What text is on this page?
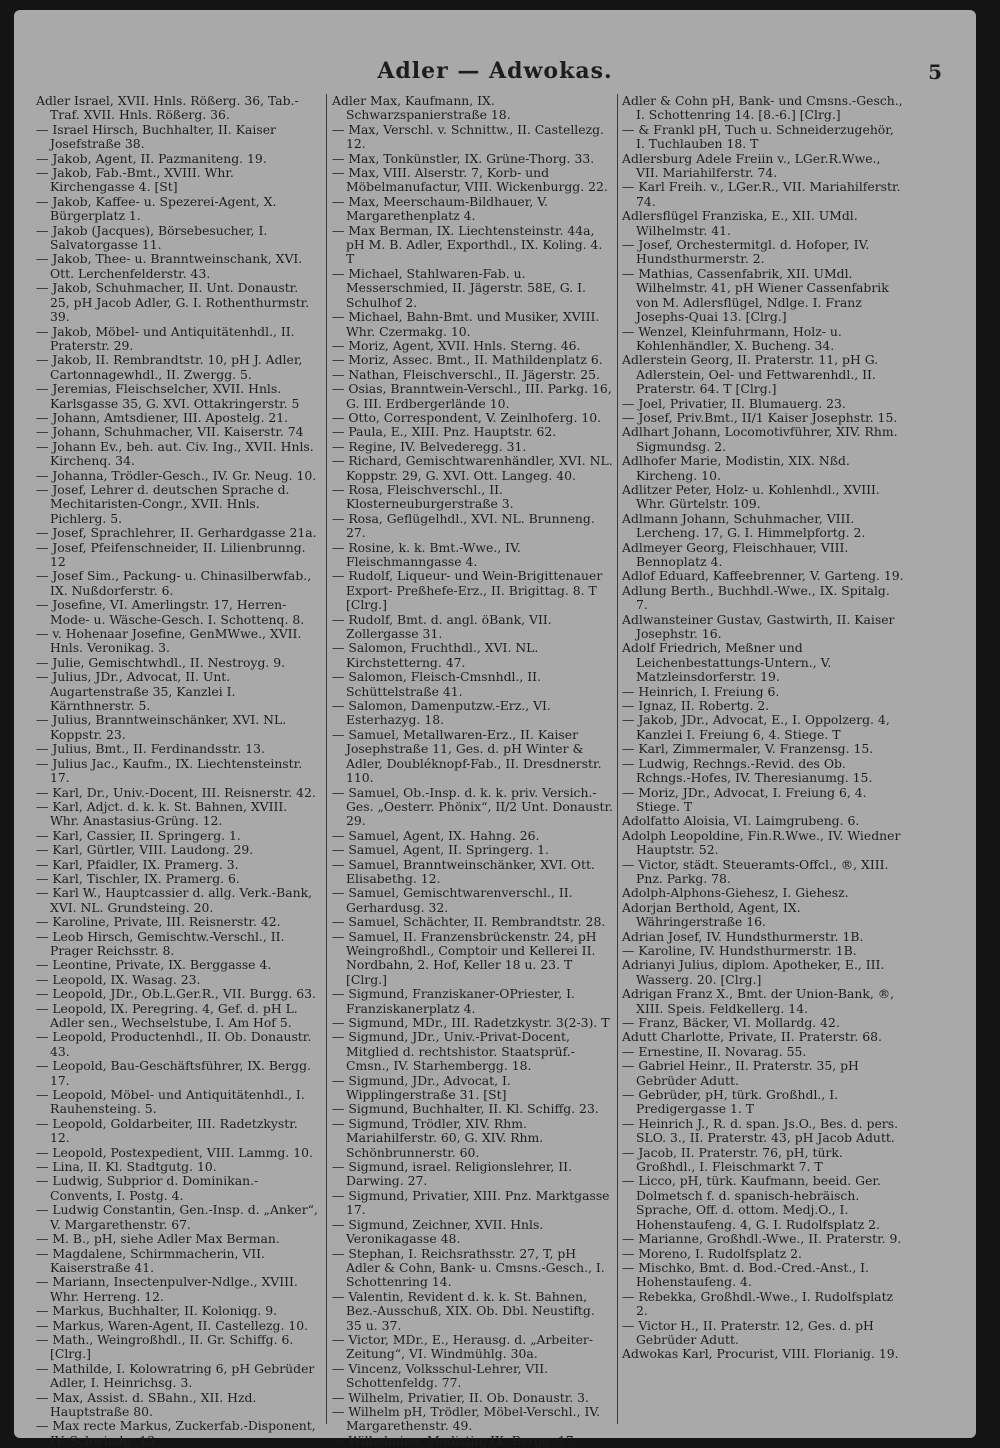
Adler — Adwokas.	5

Adler Israel, XVII. Hnls. Rößerg. 36, Tab.-Traf. XVII. Hnls. Rößerg. 36.

— Israel Hirsch, Buchhalter, II. Kaiser Josefstraße 38.

— Jakob, Agent, II. Pazmaniteng. 19.

— Jakob, Fab.-Bmt., XVIII. Whr. Kirchengasse 4. [St]

— Jakob, Kaffee- u. Spezerei-Agent, X. Bürgerplatz 1.

— Jakob (Jacques), Börsebesucher, I. Salvatorgasse 11.

— Jakob, Thee- u. Branntweinschank, XVI. Ott. Lerchenfelderstr. 43.

— Jakob, Schuhmacher, II. Unt. Donaustr. 25, pH Jacob Adler, G. I. Rothenthurmstr. 39.

— Jakob, Möbel- und Antiquitätenhdl., II. Praterstr. 29.

— Jakob, II. Rembrandtstr. 10, pH J. Adler, Cartonnagewhdl., II. Zwergg. 5.

— Jeremias, Fleischselcher, XVII. Hnls. Karlsgasse 35, G. XVI. Ottakringerstr. 5

— Johann, Amtsdiener, III. Apostelg. 21.

— Johann, Schuhmacher, VII. Kaiserstr. 74

— Johann Ev., beh. aut. Civ. Ing., XVII. Hnls. Kirchenq. 34.

— Johanna, Trödler-Gesch., IV. Gr. Neug. 10.

— Josef, Lehrer d. deutschen Sprache d. Mechitaristen-Congr., XVII. Hnls. Pichlerg. 5.

— Josef, Sprachlehrer, II. Gerhardgasse 21a.

— Josef, Pfeifenschneider, II. Lilienbrunng. 12

— Josef Sim., Packung- u. Chinasilberwfab., IX. Nußdorferstr. 6.

— Josefine, VI. Amerlingstr. 17, Herren-Mode- u. Wäsche-Gesch. I. Schottenq. 8.

— v. Hohenaar Josefine, GenMWwe., XVII. Hnls. Veronikag. 3.

— Julie, Gemischtwhdl., II. Nestroyg. 9.

— Julius, JDr., Advocat, II. Unt. Augartenstraße 35, Kanzlei I. Kärnthnerstr. 5.

— Julius, Branntweinschänker, XVI. NL. Koppstr. 23.

— Julius, Bmt., II. Ferdinandsstr. 13.

— Julius Jac., Kaufm., IX. Liechtensteinstr. 17.

— Karl, Dr., Univ.-Docent, III. Reisnerstr. 42.

— Karl, Adjct. d. k. k. St. Bahnen, XVIII. Whr. Anastasius-Grüng. 12.

— Karl, Cassier, II. Springerg. 1.

— Karl, Gürtler, VIII. Laudong. 29.

— Karl, Pfaidler, IX. Pramerg. 3.

— Karl, Tischler, IX. Pramerg. 6.

— Karl W., Hauptcassier d. allg. Verk.-Bank, XVI. NL. Grundsteing. 20.

— Karoline, Private, III. Reisnerstr. 42.

— Leob Hirsch, Gemischtw.-Verschl., II. Prager Reichsstr. 8.

— Leontine, Private, IX. Berggasse 4.

— Leopold, IX. Wasag. 23.

— Leopold, JDr., Ob.L.Ger.R., VII. Burgg. 63.

— Leopold, IX. Peregring. 4, Gef. d. pH L. Adler sen., Wechselstube, I. Am Hof 5.

— Leopold, Productenhdl., II. Ob. Donaustr. 43.

— Leopold, Bau-Geschäftsführer, IX. Bergg. 17.

— Leopold, Möbel- und Antiquitätenhdl., I. Rauhensteing. 5.

— Leopold, Goldarbeiter, III. Radetzkystr. 12.

— Leopold, Postexpedient, VIII. Lammg. 10.

— Lina, II. Kl. Stadtgutg. 10.

— Ludwig, Subprior d. Dominikan.-Convents, I. Postg. 4.

— Ludwig Constantin, Gen.-Insp. d. „Anker“, V. Margarethenstr. 67.

— M. B., pH, siehe Adler Max Berman.

— Magdalene, Schirmmacherin, VII. Kaiserstraße 41.

— Mariann, Insectenpulver-Ndlge., XVIII. Whr. Herreng. 12.

— Markus, Buchhalter, II. Koloniqg. 9.

— Markus, Waren-Agent, II. Castellezg. 10.

— Math., Weingroßhdl., II. Gr. Schiffg. 6. [Clrg.]

— Mathilde, I. Kolowratring 6, pH Gebrüder Adler, I. Heinrichsg. 3.

— Max, Assist. d. SBahn., XII. Hzd. Hauptstraße 80.

— Max recte Markus, Zuckerfab.-Disponent, IV. Schwindg. 13.

Adler Max, Kaufmann, IX. Schwarzspanierstraße 18.

— Max, Verschl. v. Schnittw., II. Castellezg. 12.

— Max, Tonkünstler, IX. Grüne-Thorg. 33.

— Max, VIII. Alserstr. 7, Korb- und Möbelmanufactur, VIII. Wickenburgg. 22.

— Max, Meerschaum-Bildhauer, V. Margarethenplatz 4.

— Max Berman, IX. Liechtensteinstr. 44a, pH M. B. Adler, Exporthdl., IX. Koling. 4. T

— Michael, Stahlwaren-Fab. u. Messerschmied, II. Jägerstr. 58E, G. I. Schulhof 2.

— Michael, Bahn-Bmt. und Musiker, XVIII. Whr. Czermakg. 10.

— Moriz, Agent, XVII. Hnls. Sterng. 46.

— Moriz, Assec. Bmt., II. Mathildenplatz 6.

— Nathan, Fleischverschl., II. Jägerstr. 25.

— Osias, Branntwein-Verschl., III. Parkg. 16, G. III. Erdbergerlände 10.

— Otto, Correspondent, V. Zeinlhoferg. 10.

— Paula, E., XIII. Pnz. Hauptstr. 62.

— Regine, IV. Belvederegg. 31.

— Richard, Gemischtwarenhändler, XVI. NL. Koppstr. 29, G. XVI. Ott. Langeg. 40.

— Rosa, Fleischverschl., II. Klosterneuburgerstraße 3.

— Rosa, Geflügelhdl., XVI. NL. Brunneng. 27.

— Rosine, k. k. Bmt.-Wwe., IV. Fleischmanngasse 4.

— Rudolf, Liqueur- und Wein-Brigittenauer Export- Preßhefe-Erz., II. Brigittag. 8. T [Clrg.]

— Rudolf, Bmt. d. angl. öBank, VII. Zollergasse 31.

— Salomon, Fruchthdl., XVI. NL. Kirchstetterng. 47.

— Salomon, Fleisch-Cmsnhdl., II. Schüttelstraße 41.

— Salomon, Damenputzw.-Erz., VI. Esterhazyg. 18.

— Samuel, Metallwaren-Erz., II. Kaiser Josephstraße 11, Ges. d. pH Winter & Adler, Doubléknopf-Fab., II. Dresdnerstr. 110.

— Samuel, Ob.-Insp. d. k. k. priv. Versich.-Ges. „Oesterr. Phönix“, II/2 Unt. Donaustr. 29.

— Samuel, Agent, IX. Hahng. 26.

— Samuel, Agent, II. Springerg. 1.

— Samuel, Branntweinschänker, XVI. Ott. Elisabethg. 12.

— Samuel, Gemischtwarenverschl., II. Gerhardusg. 32.

— Samuel, Schächter, II. Rembrandtstr. 28.

— Samuel, II. Franzensbrückenstr. 24, pH Weingroßhdl., Comptoir und Kellerei II. Nordbahn, 2. Hof, Keller 18 u. 23. T [Clrg.]

— Sigmund, Franziskaner-OPriester, I. Franziskanerplatz 4.

— Sigmund, MDr., III. Radetzkystr. 3(2-3). T

— Sigmund, JDr., Univ.-Privat-Docent, Mitglied d. rechtshistor. Staatsprüf.-Cmsn., IV. Starhembergg. 18.

— Sigmund, JDr., Advocat, I. Wipplingerstraße 31. [St]

— Sigmund, Buchhalter, II. Kl. Schiffg. 23.

— Sigmund, Trödler, XIV. Rhm. Mariahilferstr. 60, G. XIV. Rhm. Schönbrunnerstr. 60.

— Sigmund, israel. Religionslehrer, II. Darwing. 27.

— Sigmund, Privatier, XIII. Pnz. Marktgasse 17.

— Sigmund, Zeichner, XVII. Hnls. Veronikagasse 48.

— Stephan, I. Reichsrathsstr. 27, T, pH Adler & Cohn, Bank- u. Cmsns.-Gesch., I. Schottenring 14.

— Valentin, Revident d. k. k. St. Bahnen, Bez.-Ausschuß, XIX. Ob. Dbl. Neustiftg. 35 u. 37.

— Victor, MDr., E., Herausg. d. „Arbeiter-Zeitung“, VI. Windmühlg. 30a.

— Vincenz, Volksschul-Lehrer, VII. Schottenfeldg. 77.

— Wilhelm, Privatier, II. Ob. Donaustr. 3.

— Wilhelm pH, Trödler, Möbel-Verschl., IV. Margarethenstr. 49.

— Wilhelmine, Modistin, IX. Bergg. 17.

Adler & Cohn pH, Bank- und Cmsns.-Gesch., I. Schottenring 14. [8.-6.] [Clrg.]

— & Frankl pH, Tuch u. Schneiderzugehör, I. Tuchlauben 18. T

Adlersburg Adele Freiin v., LGer.R.Wwe., VII. Mariahilferstr. 74.

— Karl Freih. v., LGer.R., VII. Mariahilferstr. 74.

Adlersflügel Franziska, E., XII. UMdl. Wilhelmstr. 41.

— Josef, Orchestermitgl. d. Hofoper, IV. Hundsthurmerstr. 2.

— Mathias, Cassenfabrik, XII. UMdl. Wilhelmstr. 41, pH Wiener Cassenfabrik von M. Adlersflügel, Ndlge. I. Franz Josephs-Quai 13. [Clrg.]

— Wenzel, Kleinfuhrmann, Holz- u. Kohlenhändler, X. Bucheng. 34.

Adlerstein Georg, II. Praterstr. 11, pH G. Adlerstein, Oel- und Fettwarenhdl., II. Praterstr. 64. T [Clrg.]

— Joel, Privatier, II. Blumauerg. 23.

— Josef, Priv.Bmt., II/1 Kaiser Josephstr. 15.

Adlhart Johann, Locomotivführer, XIV. Rhm. Sigmundsg. 2.

Adlhofer Marie, Modistin, XIX. Nßd. Kircheng. 10.

Adlitzer Peter, Holz- u. Kohlenhdl., XVIII. Whr. Gürtelstr. 109.

Adlmann Johann, Schuhmacher, VIII. Lercheng. 17, G. I. Himmelpfortg. 2.

Adlmeyer Georg, Fleischhauer, VIII. Bennoplatz 4.

Adlof Eduard, Kaffeebrenner, V. Garteng. 19.

Adlung Berth., Buchhdl.-Wwe., IX. Spitalg. 7.

Adlwansteiner Gustav, Gastwirth, II. Kaiser Josephstr. 16.

Adolf Friedrich, Meßner und Leichenbestattungs-Untern., V. Matzleinsdorferstr. 19.

— Heinrich, I. Freiung 6.

— Ignaz, II. Robertg. 2.

— Jakob, JDr., Advocat, E., I. Oppolzerg. 4, Kanzlei I. Freiung 6, 4. Stiege. T

— Karl, Zimmermaler, V. Franzensg. 15.

— Ludwig, Rechngs.-Revid. des Ob. Rchngs.-Hofes, IV. Theresianumg. 15.

— Moriz, JDr., Advocat, I. Freiung 6, 4. Stiege. T

Adolfatto Aloisia, VI. Laimgrubeng. 6.

Adolph Leopoldine, Fin.R.Wwe., IV. Wiedner Hauptstr. 52.

— Victor, städt. Steueramts-Offcl., ®, XIII. Pnz. Parkg. 78.

Adolph-Alphons-Giehesz, I. Giehesz.

Adorjan Berthold, Agent, IX. Währingerstraße 16.

Adrian Josef, IV. Hundsthurmerstr. 1B.

— Karoline, IV. Hundsthurmerstr. 1B.

Adrianyi Julius, diplom. Apotheker, E., III. Wasserg. 20. [Clrg.]

Adrigan Franz X., Bmt. der Union-Bank, ®, XIII. Speis. Feldkellerg. 14.

— Franz, Bäcker, VI. Mollardg. 42.

Adutt Charlotte, Private, II. Praterstr. 68.

— Ernestine, II. Novarag. 55.

— Gabriel Heinr., II. Praterstr. 35, pH Gebrüder Adutt.

— Gebrüder, pH, türk. Großhdl., I. Predigergasse 1. T

— Heinrich J., R. d. span. Js.O., Bes. d. pers. SLO. 3., II. Praterstr. 43, pH Jacob Adutt.

— Jacob, II. Praterstr. 76, pH, türk. Großhdl., I. Fleischmarkt 7. T

— Licco, pH, türk. Kaufmann, beeid. Ger. Dolmetsch f. d. spanisch-hebräisch. Sprache, Off. d. ottom. Medj.O., I. Hohenstaufeng. 4, G. I. Rudolfsplatz 2.

— Marianne, Großhdl.-Wwe., II. Praterstr. 9.

— Moreno, I. Rudolfsplatz 2.

— Mischko, Bmt. d. Bod.-Cred.-Anst., I. Hohenstaufeng. 4.

— Rebekka, Großhdl.-Wwe., I. Rudolfsplatz 2.

— Victor H., II. Praterstr. 12, Ges. d. pH Gebrüder Adutt.

Adwokas Karl, Procurist, VIII. Florianig. 19.
